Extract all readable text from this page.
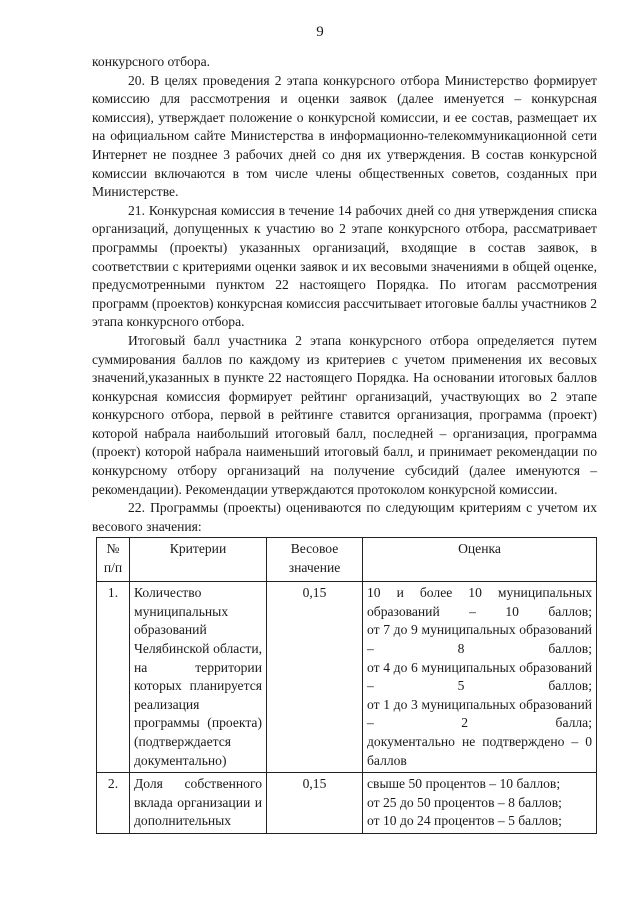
9

конкурсного отбора.

20. В целях проведения 2 этапа конкурсного отбора Министерство формирует комиссию для рассмотрения и оценки заявок (далее именуется – конкурсная комиссия), утверждает положение о конкурсной комиссии, и ее состав, размещает их на официальном сайте Министерства в информационно-телекоммуникационной сети Интернет не позднее 3 рабочих дней со дня их утверждения. В состав конкурсной комиссии включаются в том числе члены общественных советов, созданных при Министерстве.

21. Конкурсная комиссия в течение 14 рабочих дней со дня утверждения списка организаций, допущенных к участию во 2 этапе конкурсного отбора, рассматривает программы (проекты) указанных организаций, входящие в состав заявок, в соответствии с критериями оценки заявок и их весовыми значениями в общей оценке, предусмотренными пунктом 22 настоящего Порядка. По итогам рассмотрения программ (проектов) конкурсная комиссия рассчитывает итоговые баллы участников 2 этапа конкурсного отбора.

Итоговый балл участника 2 этапа конкурсного отбора определяется путем суммирования баллов по каждому из критериев с учетом применения их весовых значений,указанных в пункте 22 настоящего Порядка. На основании итоговых баллов конкурсная комиссия формирует рейтинг организаций, участвующих во 2 этапе конкурсного отбора, первой в рейтинге ставится организация, программа (проект) которой набрала наибольший итоговый балл, последней – организация, программа (проект) которой набрала наименьший итоговый балл, и принимает рекомендации по конкурсному отбору организаций на получение субсидий (далее именуются – рекомендации). Рекомендации утверждаются протоколом конкурсной комиссии.

22. Программы (проекты) оцениваются по следующим критериям с учетом их весового значения:

№ п/п	Критерии	Весовое значение	Оценка
1.	Количество муниципальных образований Челябинской области, на территории которых планируется реализация программы (проекта) (подтверждается документально)	0,15	10 и более 10 муниципальных образований – 10 баллов;
от 7 до 9 муниципальных образований – 8 баллов;
от 4 до 6 муниципальных образований – 5 баллов;
от 1 до 3 муниципальных образований – 2 балла;
документально не подтверждено – 0 баллов

2.	Доля собственного вклада организации и дополнительных	0,15	свыше 50 процентов – 10 баллов;
от 25 до 50 процентов – 8 баллов;
от 10 до 24 процентов – 5 баллов;
